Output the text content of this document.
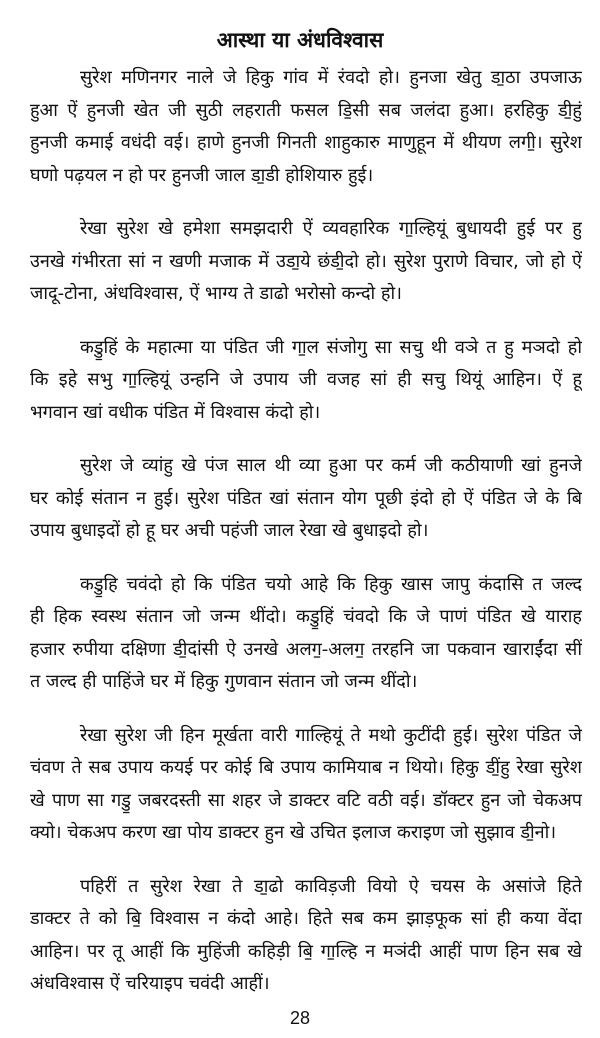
आस्था या अंधविश्वास
सुरेश मणिनगर नाले जे हिकु गांव में रंवदो हो। हुनजा खेतु डा॒ठा उपजाऊ
हुआ ऐं हुनजी खेत जी सुठी लहराती फसल डि॒सी सब जलंदा हुआ। हरहिकु डी॒हुं
हुनजी कमाई वधंदी वई। हाणे हुनजी गिनती शाहुकारु माणुहून में थीयण लगी॒। सुरेश
घणो पढ़यल न हो पर हुनजी जाल डा॒डी होशियारु हुई।
रेखा सुरेश खे हमेशा समझदारी ऐं व्यवहारिक गा॒ल्हियूं बुधायदी हुई पर हु
उनखे गंभीरता सां न खणी मजाक में उडा॒ये छंडी॒दो हो। सुरेश पुराणे विचार, जो हो ऐं
जादू-टोना, अंधविश्वास, ऐं भाग्य ते डाढो भरोसो कन्दो हो।
कडु॒हिं के महात्मा या पंडित जी गा॒ल संजोगु सा सचु थी वञे त हु मञदो हो
कि इहे सभु गा॒ल्हियूं उन्हनि जे उपाय जी वजह सां ही सचु थियूं आहिन। ऐं हू
भगवान खां वधीक पंडित में विश्वास कंदो हो।
सुरेश जे व्यांहु खे पंज साल थी व्या हुआ पर कर्म जी कठीयाणी खां हुनजे
घर कोई संतान न हुई। सुरेश पंडित खां संतान योग पूछी इंदो हो ऐं पंडित जे के बि
उपाय बुधाइदों हो हू घर अची पहंजी जाल रेखा खे बुधाइदो हो।
कडु॒हि चवंदो हो कि पंडित चयो आहे कि हिकु खास जापु कंदासि त जल्द
ही हिक स्वस्थ संतान जो जन्म थींदो। कडु॒हिं चंवदो कि जे पाणं पंडित खे याराह
हजार रुपीया दक्षिणा डी॒दांसी ऐ उनखे अलग॒-अलग॒ तरहनि जा पकवान खाराईंदा सीं
त जल्द ही पाहिंजे घर में हिकु गुणवान संतान जो जन्म थींदो।
रेखा सुरेश जी हिन मूर्खता वारी गाल्हियूं ते मथो कुटींदी हुई। सुरेश पंडित जे
चंवण ते सब उपाय कयई पर कोई बि उपाय कामियाब न थियो। हिकु डीं॒हु रेखा सुरेश
खे पाण सा गडु॒ जबरदस्ती सा शहर जे डाक्टर वटि वठी वई। डॉक्टर हुन जो चेकअप
क्यो। चेकअप करण खा पोय डाक्टर हुन खे उचित इलाज कराइण जो सुझाव डी॒नो।
पहिरीं त सुरेश रेखा ते डा॒ढो काविड़जी वियो ऐ चयस के असांजे हिते
डाक्टर ते को बि॒ विश्वास न कंदो आहे। हिते सब कम झाड़फूक सां ही कया वेंदा
आहिन। पर तू आहीं कि मुहिंजी कहिड़ी बि॒ गा॒ल्हि न मञंदी आहीं पाण हिन सब खे
अंधविश्वास ऐं चरियाइप चवंदी आहीं।
28
